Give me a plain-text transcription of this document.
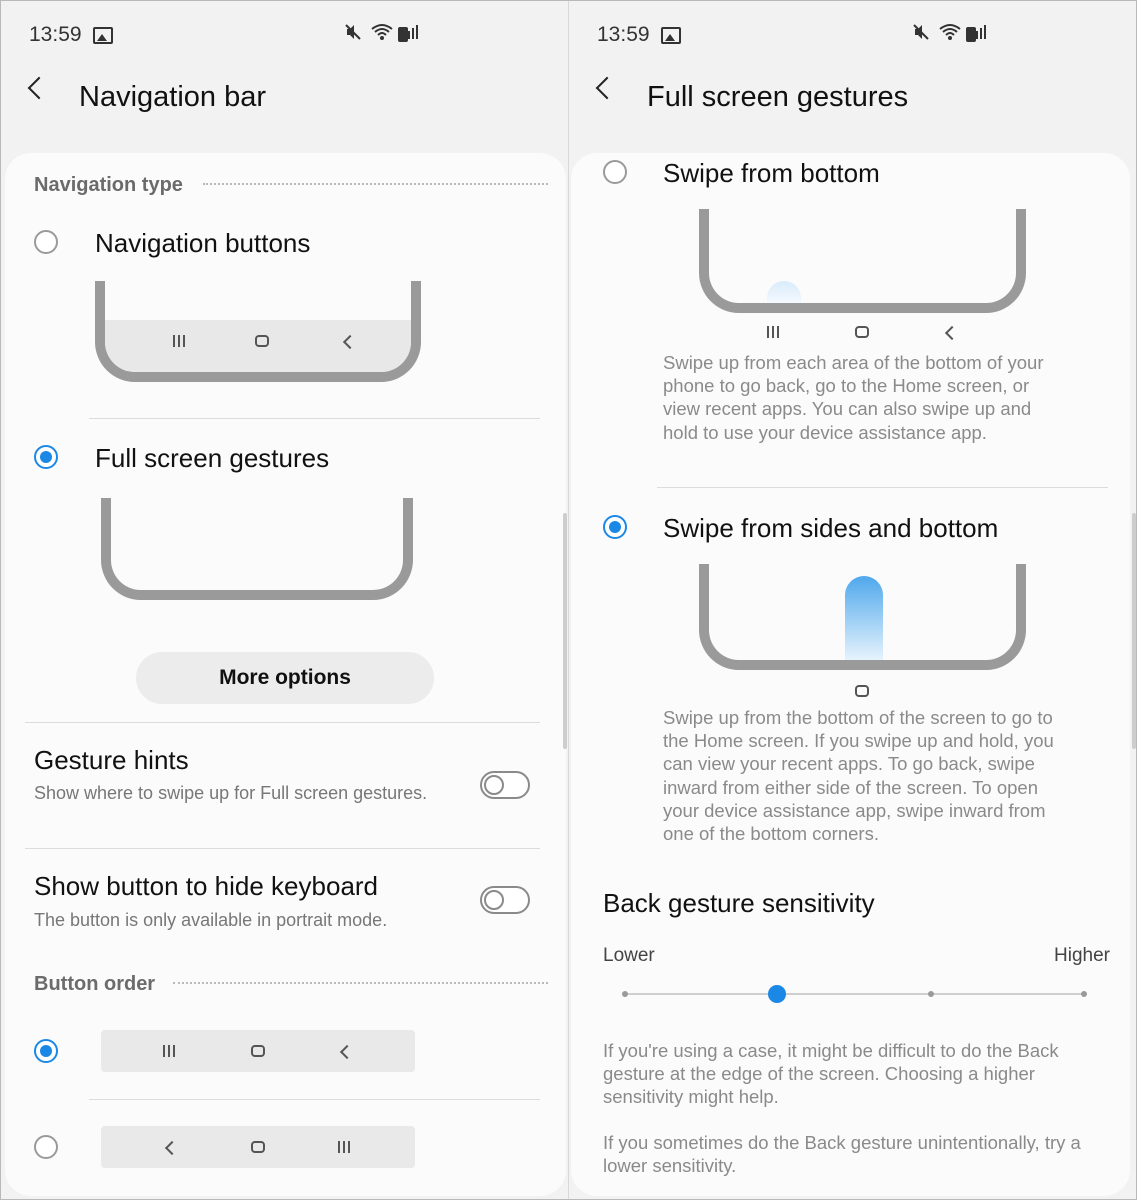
13:59

Navigation bar
Navigation type
Navigation buttons
Full screen gestures
More options
Gesture hints
Show where to swipe up for Full screen gestures.
Show button to hide keyboard
The button is only available in portrait mode.
Button order
13:59

Full screen gestures
Swipe from bottom
Swipe up from each area of the bottom of your phone to go back, go to the Home screen, or view recent apps. You can also swipe up and hold to use your device assistance app.
Swipe from sides and bottom
Swipe up from the bottom of the screen to go to the Home screen. If you swipe up and hold, you can view your recent apps. To go back, swipe inward from either side of the screen. To open your device assistance app, swipe inward from one of the bottom corners.
Back gesture sensitivity
Lower	Higher
If you're using a case, it might be difficult to do the Back gesture at the edge of the screen. Choosing a higher sensitivity might help.
If you sometimes do the Back gesture unintentionally, try a lower sensitivity.
